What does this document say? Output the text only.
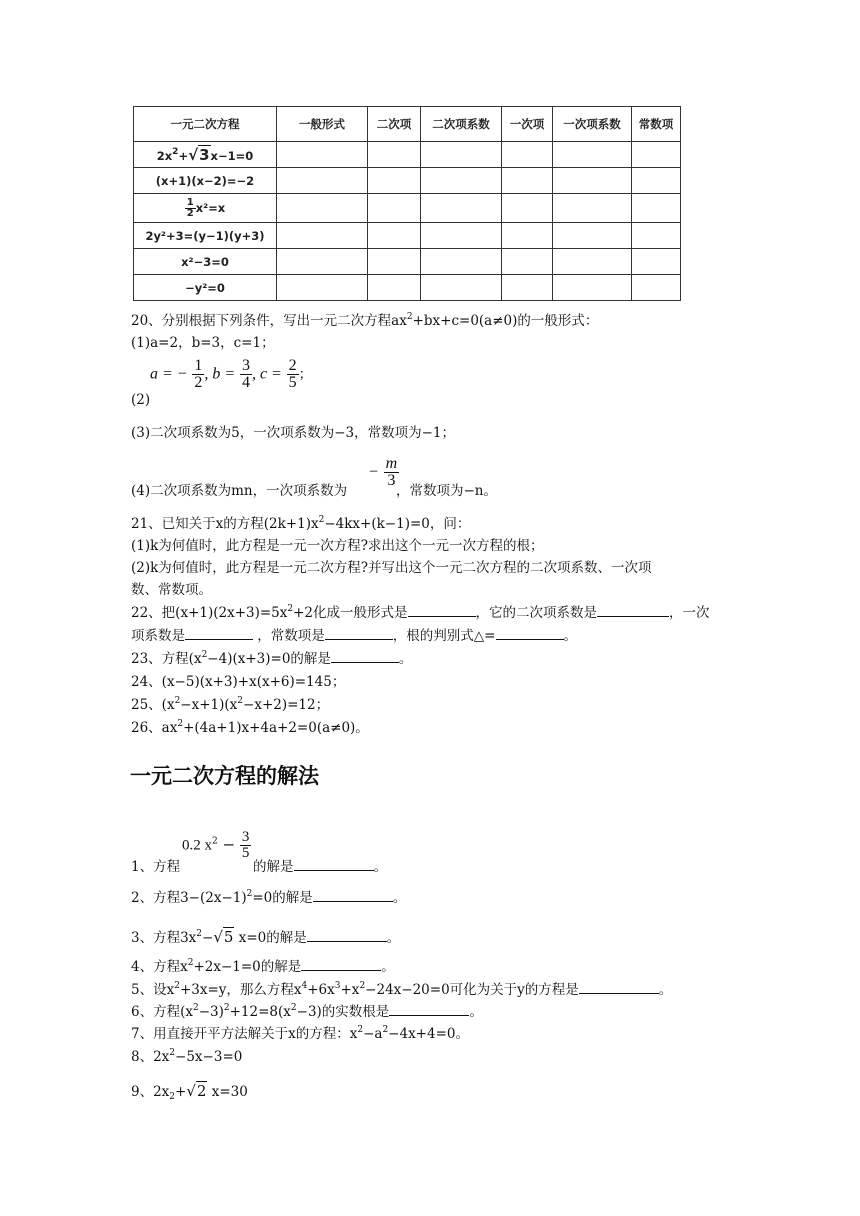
一元二次方程	一般形式	二次项	二次项系数	一次项	一次项系数	常数项
$2x^2+√3x-1=0$						
(x+1)(x−2)=−2						

$\frac{1}{2} x^2=x$						
2y²+3=(y−1)(y+3)						
x²−3=0						
−y²=0						
20、分别根据下列条件，写出一元二次方程$ax^2+bx+c=0(a\ne 0)$的一般形式：
(1)a=2，b=3，c=1；
a = − $\frac{1}{2}$ , $b = \frac{3}{4}$ , $c = \frac{2}{5}$ ；
(2)
(3)二次项系数为5，一次项系数为−3，常数项为−1；
(4)二次项系数为mn，一次项系数为
− $\frac{m}{3}$
，常数项为−n。
21、已知关于x的方程$(2k+1)x^2-4kx+(k-1)=0$，问：
(1)k为何值时，此方程是一元一次方程?求出这个一元一次方程的根；
(2)k为何值时，此方程是一元二次方程?并写出这个一元二次方程的二次项系数、一次项
数、常数项。
22、把$(x+1)(2x+3)=5x^2+2$化成一般形式是	，它的二次项系数是	，一次
项系数是	，常数项是	，根的判别式△=	。
23、方程$(x^2-4)(x+3)=0$的解是	。
24、(x−5)(x+3)+x(x+6)=145；
25、$(x^2-x+1)(x^2-x+2)=12$；
26、$ax^2+(4a+1)x+4a+2=0(a\ne 0)$。
一元二次方程的解法
0.2 $x^2 - \frac{3}{5}$
1、方程	的解是	。
2、方程$3-(2x-1)^2=0$的解是	。
3、方程$3x^2-√5$ x=0的解是	。
4、方程$x^2+2x-1=0$的解是	。
5、设$x^2+3x=y$，那么方程$x^4+6x^3+x^2-24x-20=0$可化为关于y的方程是	。
6、方程$(x^2-3)^2+12=8(x^2-3)$的实数根是	。
7、用直接开平方法解关于x的方程：$x^2-a^2-4x+4=0$。
8、$2x^2-5x-3=0$
9、$2x_2+√2$ x=30
